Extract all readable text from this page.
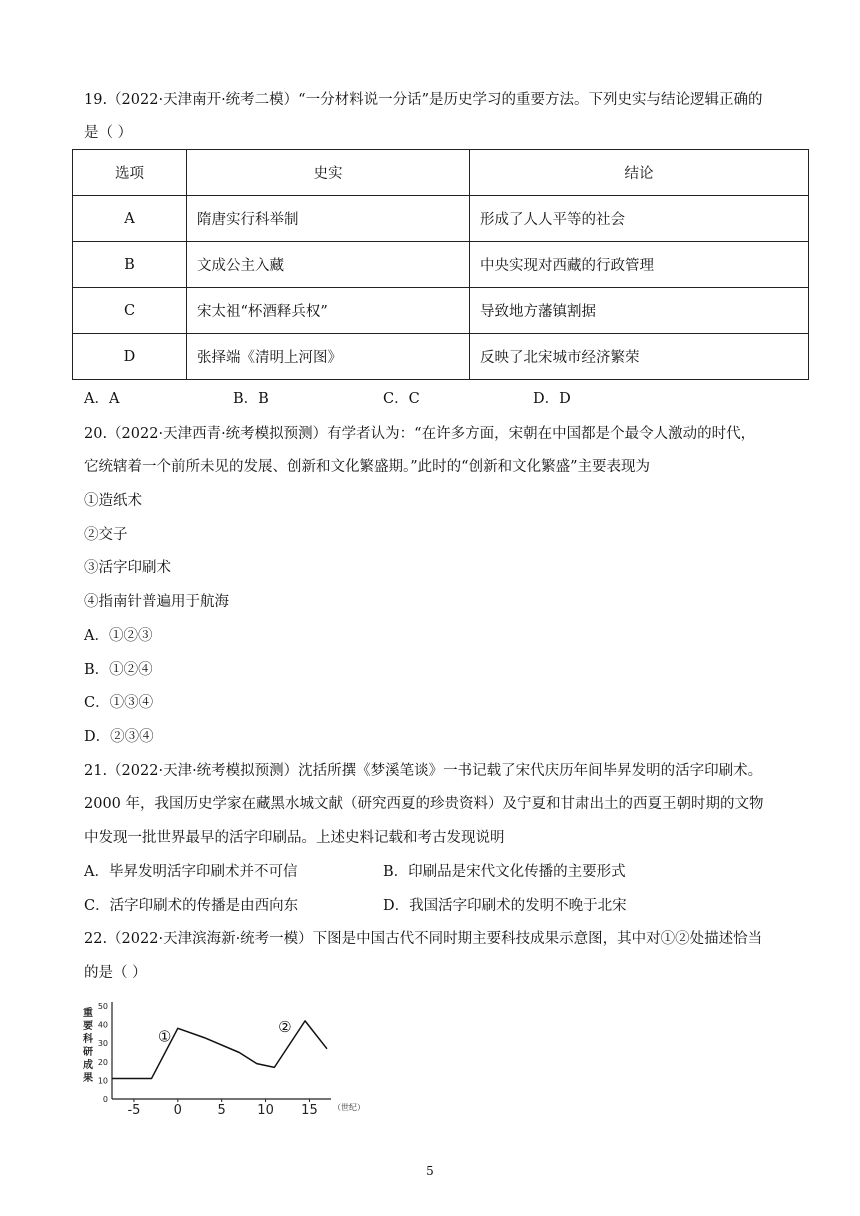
19.（2022·天津南开·统考二模）“一分材料说一分话”是历史学习的重要方法。下列史实与结论逻辑正确的
是（ ）
选项	史实	结论
A	隋唐实行科举制	形成了人人平等的社会
B	文成公主入藏	中央实现对西藏的行政管理
C	宋太祖“杯酒释兵权”	导致地方藩镇割据
D	张择端《清明上河图》	反映了北宋城市经济繁荣
A．A	B．B	C．C	D．D
20.（2022·天津西青·统考模拟预测）有学者认为：“在许多方面，宋朝在中国都是个最令人激动的时代，
它统辖着一个前所未见的发展、创新和文化繁盛期。”此时的“创新和文化繁盛”主要表现为
①造纸术
②交子
③活字印刷术
④指南针普遍用于航海
A．①②③
B．①②④
C．①③④
D．②③④
21.（2022·天津·统考模拟预测）沈括所撰《梦溪笔谈》一书记载了宋代庆历年间毕昇发明的活字印刷术。
2000 年，我国历史学家在藏黑水城文献（研究西夏的珍贵资料）及宁夏和甘肃出土的西夏王朝时期的文物
中发现一批世界最早的活字印刷品。上述史料记载和考古发现说明
A．毕昇发明活字印刷术并不可信	B．印刷品是宋代文化传播的主要形式
C．活字印刷术的传播是由西向东	D．我国活字印刷术的发明不晚于北宋
22.（2022·天津滨海新·统考一模）下图是中国古代不同时期主要科技成果示意图，其中对①②处描述恰当
的是（ ）
0
10
20
30
40
50
-5	0	5 10 15 （世纪）
重
要
科
研
成
果
①
②
5
